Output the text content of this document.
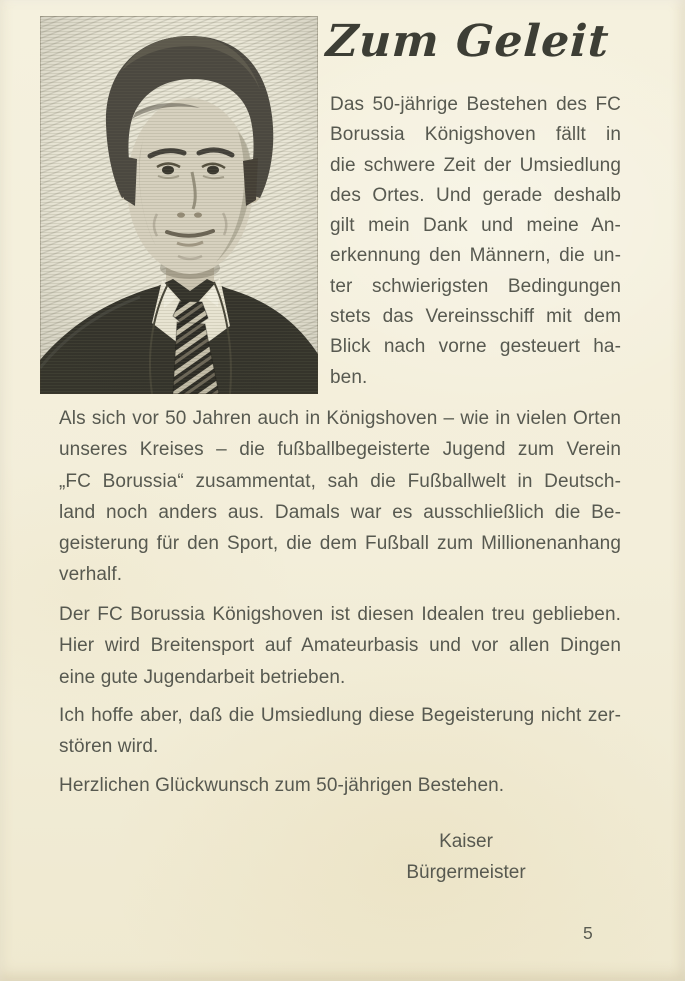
Zum Geleit
Das 50-jährige Bestehen des FC
Borussia Königshoven fällt in
die schwere Zeit der Umsiedlung
des Ortes. Und gerade deshalb
gilt mein Dank und meine An-
erkennung den Männern, die un-
ter schwierigsten Bedingungen
stets das Vereinsschiff mit dem
Blick nach vorne gesteuert ha-
ben.
Als sich vor 50 Jahren auch in Königshoven – wie in vielen Orten
unseres Kreises – die fußballbegeisterte Jugend zum Verein
„FC Borussia“ zusammentat, sah die Fußballwelt in Deutsch-
land noch anders aus. Damals war es ausschließlich die Be-
geisterung für den Sport, die dem Fußball zum Millionenanhang
verhalf.
Der FC Borussia Königshoven ist diesen Idealen treu geblieben.
Hier wird Breitensport auf Amateurbasis und vor allen Dingen
eine gute Jugendarbeit betrieben.
Ich hoffe aber, daß die Umsiedlung diese Begeisterung nicht zer-
stören wird.
Herzlichen Glückwunsch zum 50-jährigen Bestehen.
Kaiser
Bürgermeister
5
